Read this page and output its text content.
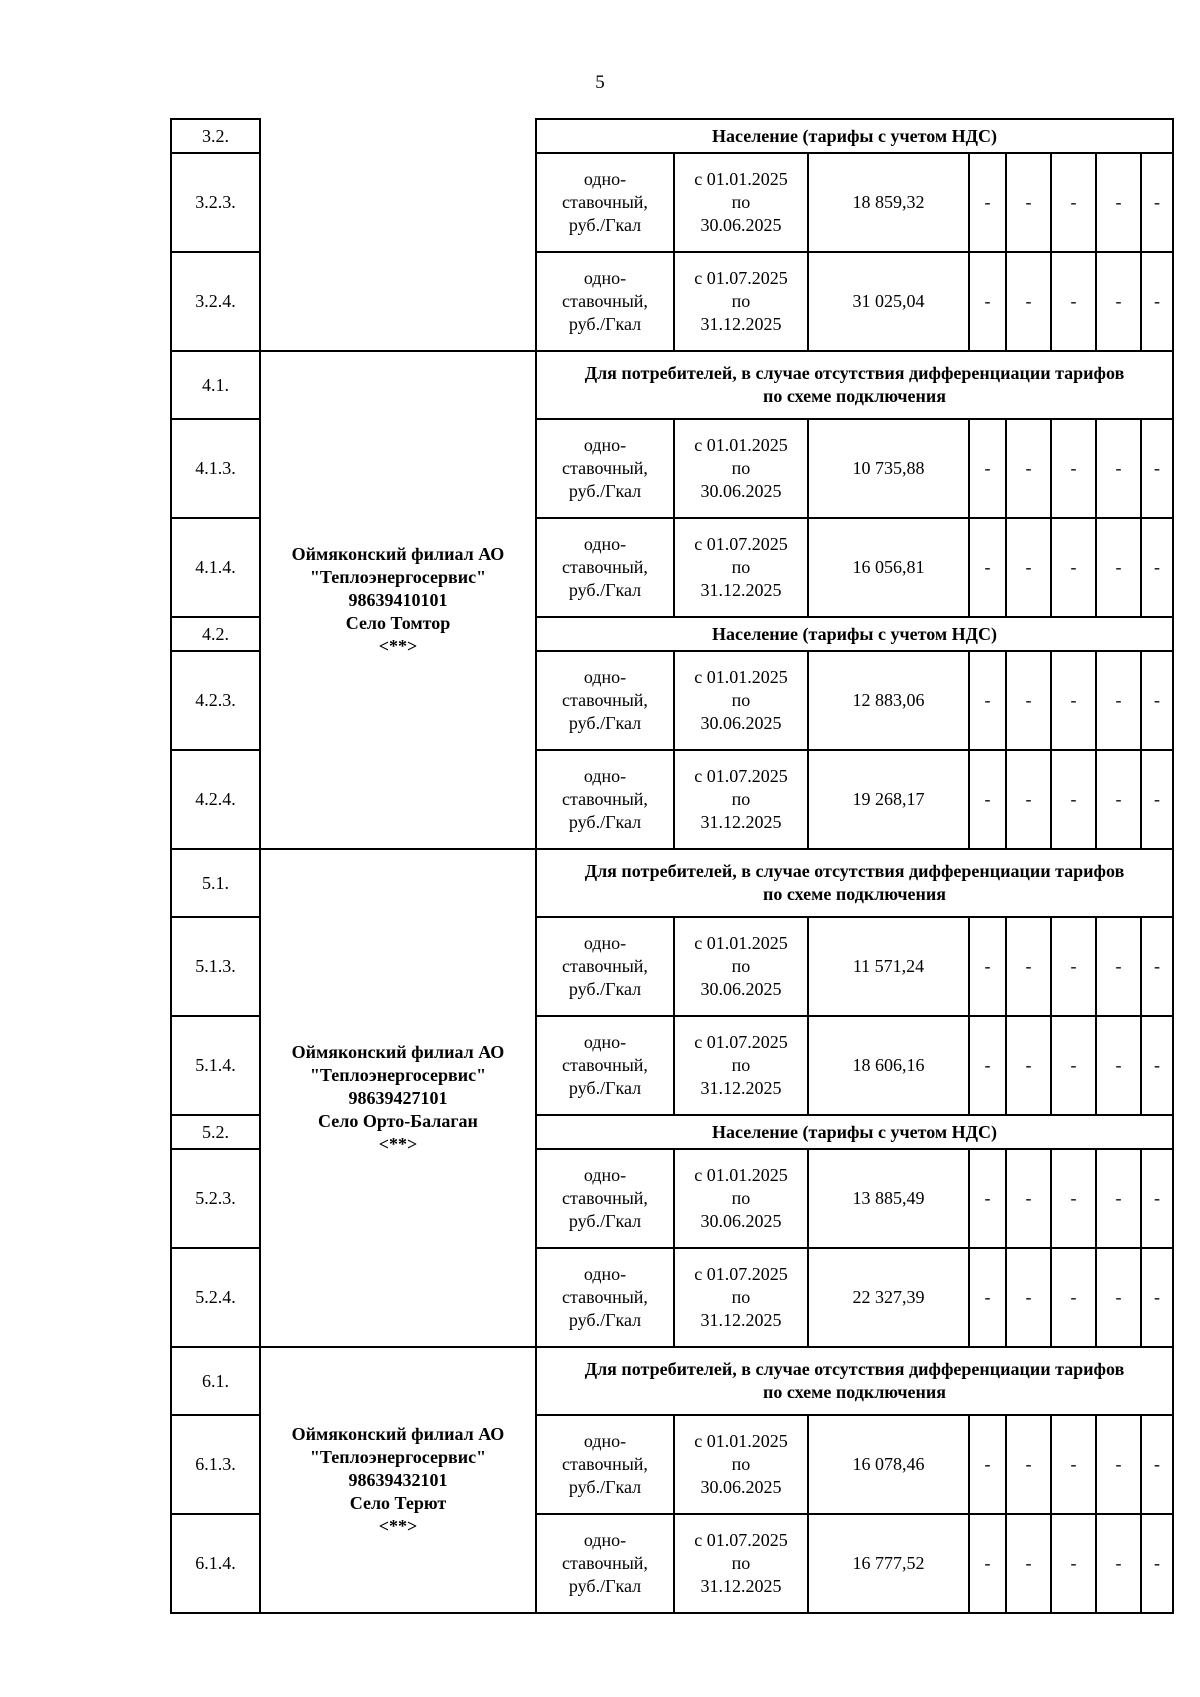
5
3.2.		Население (тарифы с учетом НДС)							
3.2.3.		одно-
ставочный,
руб./Гкал	с 01.01.2025
по
30.06.2025	18 859,32	-	-	-	-	-
3.2.4.		одно-
ставочный,
руб./Гкал	с 01.07.2025
по
31.12.2025	31 025,04	-	-	-	-	-
4.1.	Оймяконский филиал АО
"Теплоэнергосервис"
98639410101
Село Томтор
<**>	Для потребителей, в случае отсутствия дифференциации тарифов
по схеме подключения							
4.1.3.		одно-
ставочный,
руб./Гкал	с 01.01.2025
по
30.06.2025	10 735,88	-	-	-	-	-
4.1.4.		одно-
ставочный,
руб./Гкал	с 01.07.2025
по
31.12.2025	16 056,81	-	-	-	-	-
4.2.		Население (тарифы с учетом НДС)							
4.2.3.		одно-
ставочный,
руб./Гкал	с 01.01.2025
по
30.06.2025	12 883,06	-	-	-	-	-
4.2.4.		одно-
ставочный,
руб./Гкал	с 01.07.2025
по
31.12.2025	19 268,17	-	-	-	-	-
5.1.	Оймяконский филиал АО
"Теплоэнергосервис"
98639427101
Село Орто-Балаган
<**>	Для потребителей, в случае отсутствия дифференциации тарифов
по схеме подключения							
5.1.3.		одно-
ставочный,
руб./Гкал	с 01.01.2025
по
30.06.2025	11 571,24	-	-	-	-	-
5.1.4.		одно-
ставочный,
руб./Гкал	с 01.07.2025
по
31.12.2025	18 606,16	-	-	-	-	-
5.2.		Население (тарифы с учетом НДС)							
5.2.3.		одно-
ставочный,
руб./Гкал	с 01.01.2025
по
30.06.2025	13 885,49	-	-	-	-	-
5.2.4.		одно-
ставочный,
руб./Гкал	с 01.07.2025
по
31.12.2025	22 327,39	-	-	-	-	-
6.1.	Оймяконский филиал АО
"Теплоэнергосервис"
98639432101
Село Терют
<**>	Для потребителей, в случае отсутствия дифференциации тарифов
по схеме подключения							
6.1.3.		одно-
ставочный,
руб./Гкал	с 01.01.2025
по
30.06.2025	16 078,46	-	-	-	-	-
6.1.4.		одно-
ставочный,
руб./Гкал	с 01.07.2025
по
31.12.2025	16 777,52	-	-	-	-	-
